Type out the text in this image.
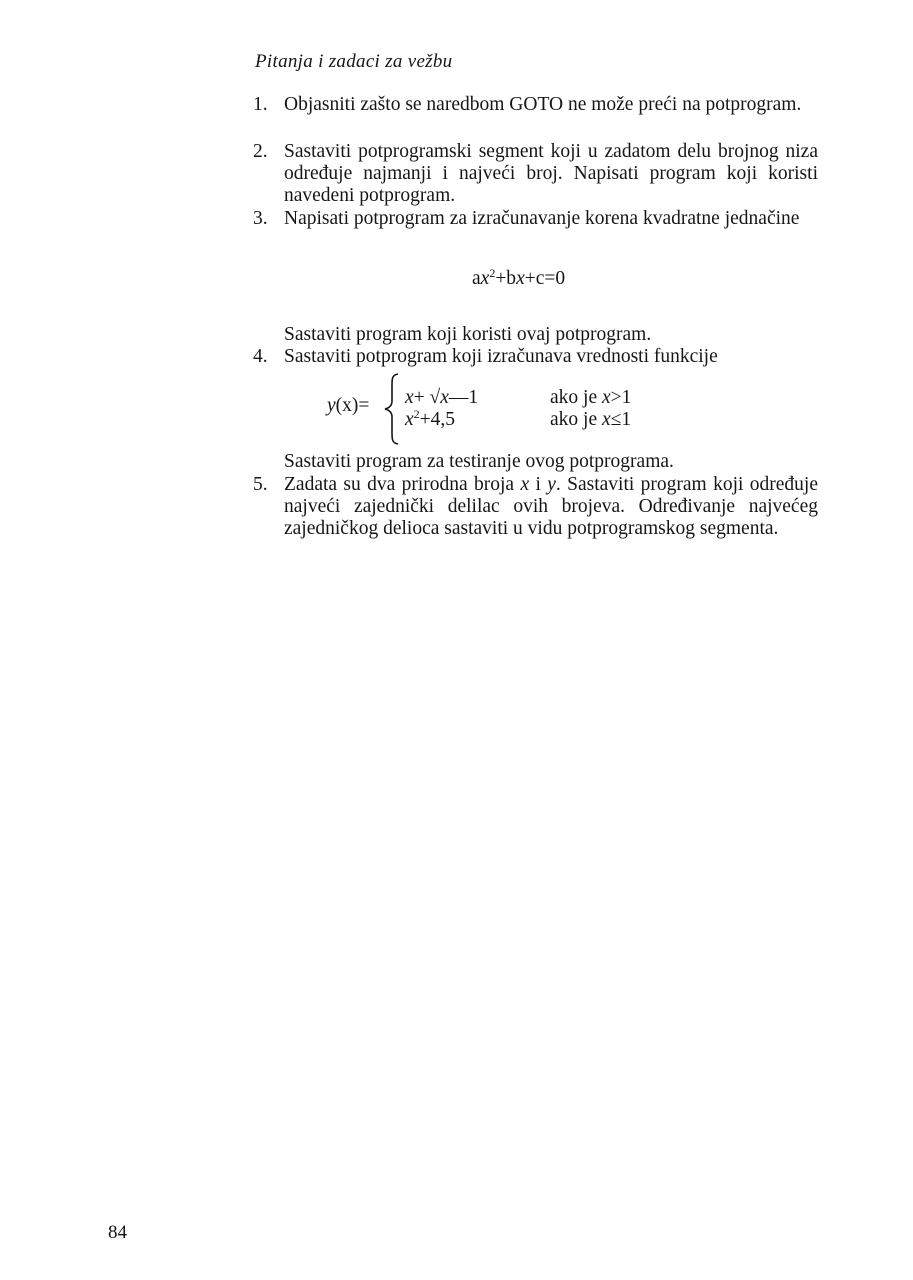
Pitanja i zadaci za vežbu
1. Objasniti zašto se naredbom GOTO ne može preći na potprogram.

2. Sastaviti potprogramski segment koji u zadatom delu brojnog niza određuje najmanji i najveći broj. Napisati program koji koristi navedeni potprogram.

3. Napisati potprogram za izračunavanje korena kvadratne jednačine

$ax^2+bx+c=0$

Sastaviti program koji koristi ovaj potprogram.

4. Sastaviti potprogram koji izračunava vrednosti funkcije

y(x)= x+ √x—1	ako je x>1
$x^2+4,5$	ako je x≤1

Sastaviti program za testiranje ovog potprograma.

5. Zadata su dva prirodna broja x i y. Sastaviti program koji određuje najveći zajednički delilac ovih brojeva. Određivanje najvećeg zajedničkog delioca sastaviti u vidu potprogramskog segmenta.

84
